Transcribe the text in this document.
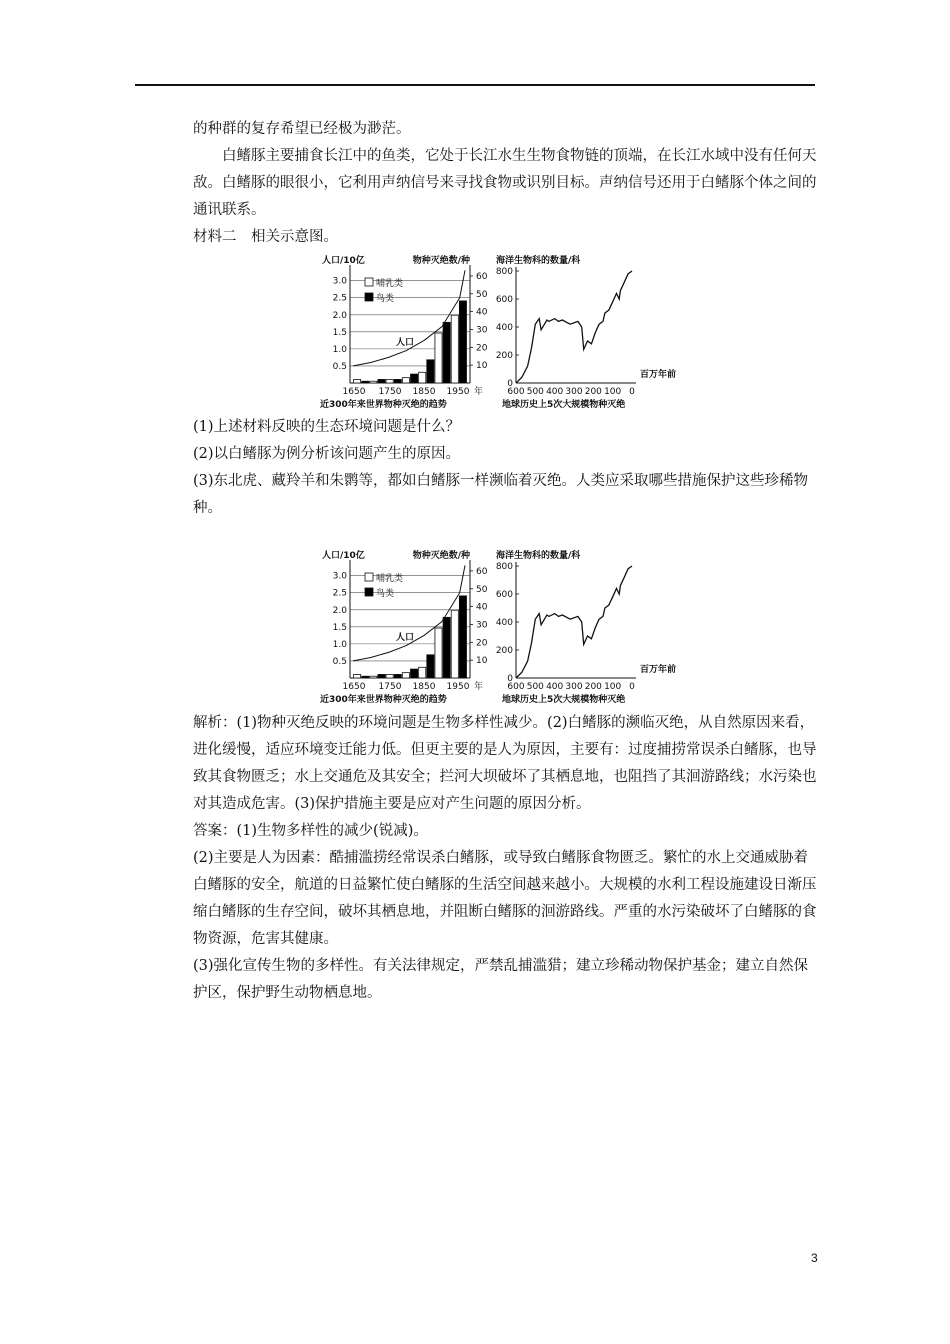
的种群的复存希望已经极为渺茫。

白鳍豚主要捕食长江中的鱼类，它处于长江水生生物食物链的顶端，在长江水域中没有任何天敌。白鳍豚的眼很小，它利用声纳信号来寻找食物或识别目标。声纳信号还用于白鳍豚个体之间的通讯联系。

材料二　相关示意图。

人口/10亿	物种灭绝数/种
0.5
1.0
1.5
2.0
2.5
3.0
10
20
30
40
50
60
人口
哺乳类
鸟类
1650 1750 1850 1950 年
近300年来世界物种灭绝的趋势
海洋生物科的数量/科
0
200
400
600
800
600 500 400 300 200 100 0
百万年前
地球历史上5次大规模物种灭绝

(1)上述材料反映的生态环境问题是什么？

(2)以白鳍豚为例分析该问题产生的原因。

(3)东北虎、藏羚羊和朱鹮等，都如白鳍豚一样濒临着灭绝。人类应采取哪些措施保护这些珍稀物种。

人口/10亿	物种灭绝数/种
0.5
1.0
1.5
2.0
2.5
3.0
10
20
30
40
50
60
人口
哺乳类
鸟类
1650 1750 1850 1950 年
近300年来世界物种灭绝的趋势
海洋生物科的数量/科
0
200
400
600
800
600 500 400 300 200 100 0
百万年前
地球历史上5次大规模物种灭绝

解析：(1)物种灭绝反映的环境问题是生物多样性减少。(2)白鳍豚的濒临灭绝，从自然原因来看，进化缓慢，适应环境变迁能力低。但更主要的是人为原因，主要有：过度捕捞常误杀白鳍豚，也导致其食物匮乏；水上交通危及其安全；拦河大坝破坏了其栖息地，也阻挡了其洄游路线；水污染也对其造成危害。(3)保护措施主要是应对产生问题的原因分析。

答案：(1)生物多样性的减少(锐减)。

(2)主要是人为因素：酷捕滥捞经常误杀白鳍豚，或导致白鳍豚食物匮乏。繁忙的水上交通威胁着白鳍豚的安全，航道的日益繁忙使白鳍豚的生活空间越来越小。大规模的水利工程设施建设日渐压缩白鳍豚的生存空间，破坏其栖息地，并阻断白鳍豚的洄游路线。严重的水污染破坏了白鳍豚的食物资源，危害其健康。

(3)强化宣传生物的多样性。有关法律规定，严禁乱捕滥猎；建立珍稀动物保护基金；建立自然保护区，保护野生动物栖息地。

3
